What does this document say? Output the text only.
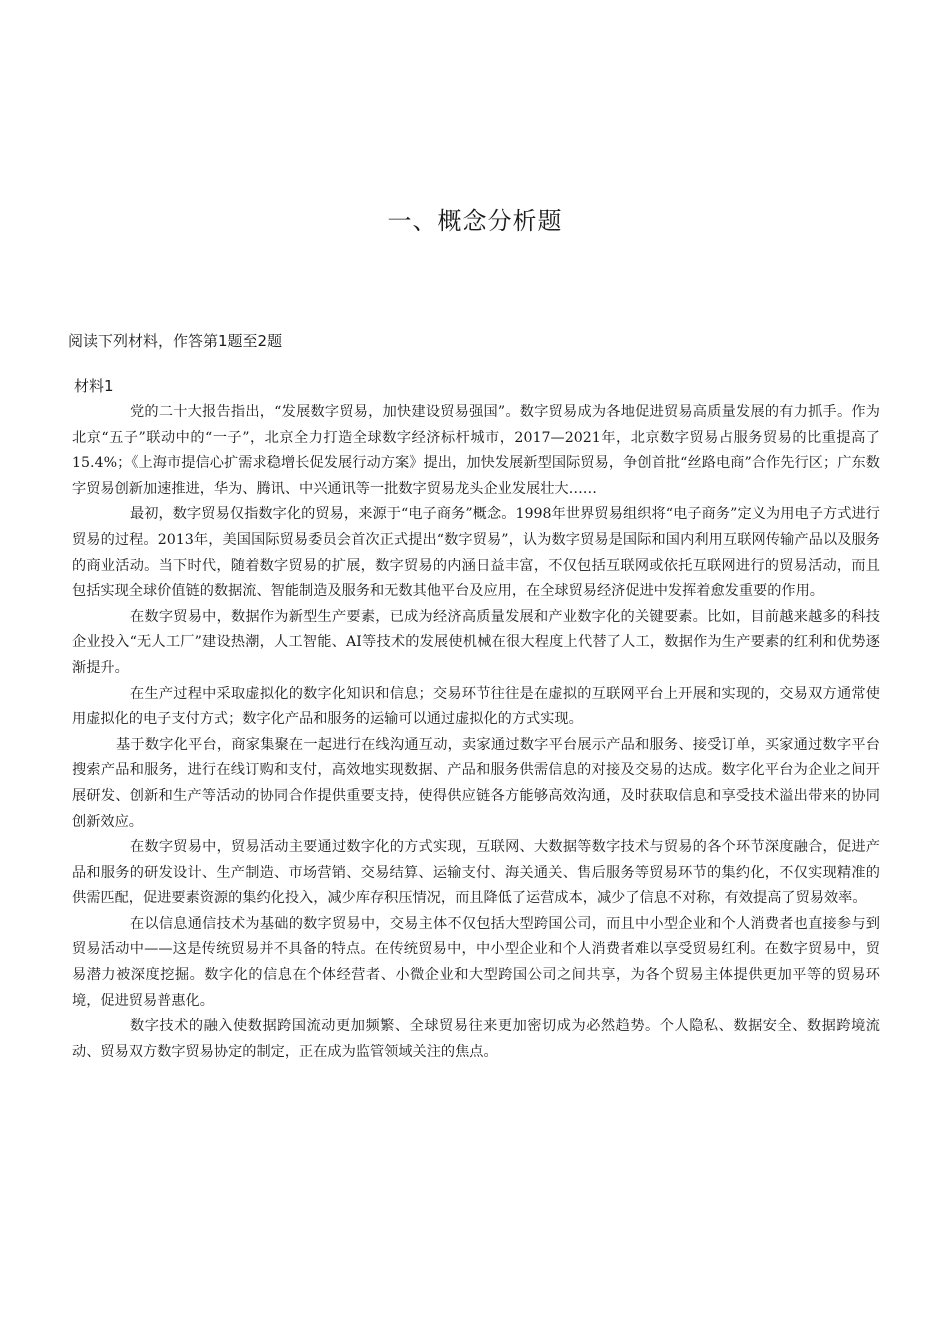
一、概念分析题
阅读下列材料，作答第1题至2题
材料1

党的二十大报告指出，“发展数字贸易，加快建设贸易强国”。数字贸易成为各地促进贸易高质量发展的有力抓手。作为北京“五子”联动中的“一子”，北京全力打造全球数字经济标杆城市，2017—2021年，北京数字贸易占服务贸易的比重提高了15.4%；《上海市提信心扩需求稳增长促发展行动方案》提出，加快发展新型国际贸易，争创首批“丝路电商”合作先行区；广东数字贸易创新加速推进，华为、腾讯、中兴通讯等一批数字贸易龙头企业发展壮大……

最初，数字贸易仅指数字化的贸易，来源于“电子商务”概念。1998年世界贸易组织将“电子商务”定义为用电子方式进行贸易的过程。2013年，美国国际贸易委员会首次正式提出“数字贸易”，认为数字贸易是国际和国内利用互联网传输产品以及服务的商业活动。当下时代，随着数字贸易的扩展，数字贸易的内涵日益丰富，不仅包括互联网或依托互联网进行的贸易活动，而且包括实现全球价值链的数据流、智能制造及服务和无数其他平台及应用，在全球贸易经济促进中发挥着愈发重要的作用。

在数字贸易中，数据作为新型生产要素，已成为经济高质量发展和产业数字化的关键要素。比如，目前越来越多的科技企业投入“无人工厂”建设热潮，人工智能、AI等技术的发展使机械在很大程度上代替了人工，数据作为生产要素的红利和优势逐渐提升。

在生产过程中采取虚拟化的数字化知识和信息；交易环节往往是在虚拟的互联网平台上开展和实现的，交易双方通常使用虚拟化的电子支付方式；数字化产品和服务的运输可以通过虚拟化的方式实现。

基于数字化平台，商家集聚在一起进行在线沟通互动，卖家通过数字平台展示产品和服务、接受订单，买家通过数字平台搜索产品和服务，进行在线订购和支付，高效地实现数据、产品和服务供需信息的对接及交易的达成。数字化平台为企业之间开展研发、创新和生产等活动的协同合作提供重要支持，使得供应链各方能够高效沟通，及时获取信息和享受技术溢出带来的协同创新效应。

在数字贸易中，贸易活动主要通过数字化的方式实现，互联网、大数据等数字技术与贸易的各个环节深度融合，促进产品和服务的研发设计、生产制造、市场营销、交易结算、运输支付、海关通关、售后服务等贸易环节的集约化，不仅实现精准的供需匹配，促进要素资源的集约化投入，减少库存积压情况，而且降低了运营成本，减少了信息不对称，有效提高了贸易效率。

在以信息通信技术为基础的数字贸易中，交易主体不仅包括大型跨国公司，而且中小型企业和个人消费者也直接参与到贸易活动中——这是传统贸易并不具备的特点。在传统贸易中，中小型企业和个人消费者难以享受贸易红利。在数字贸易中，贸易潜力被深度挖掘。数字化的信息在个体经营者、小微企业和大型跨国公司之间共享，为各个贸易主体提供更加平等的贸易环境，促进贸易普惠化。

数字技术的融入使数据跨国流动更加频繁、全球贸易往来更加密切成为必然趋势。个人隐私、数据安全、数据跨境流动、贸易双方数字贸易协定的制定，正在成为监管领域关注的焦点。
